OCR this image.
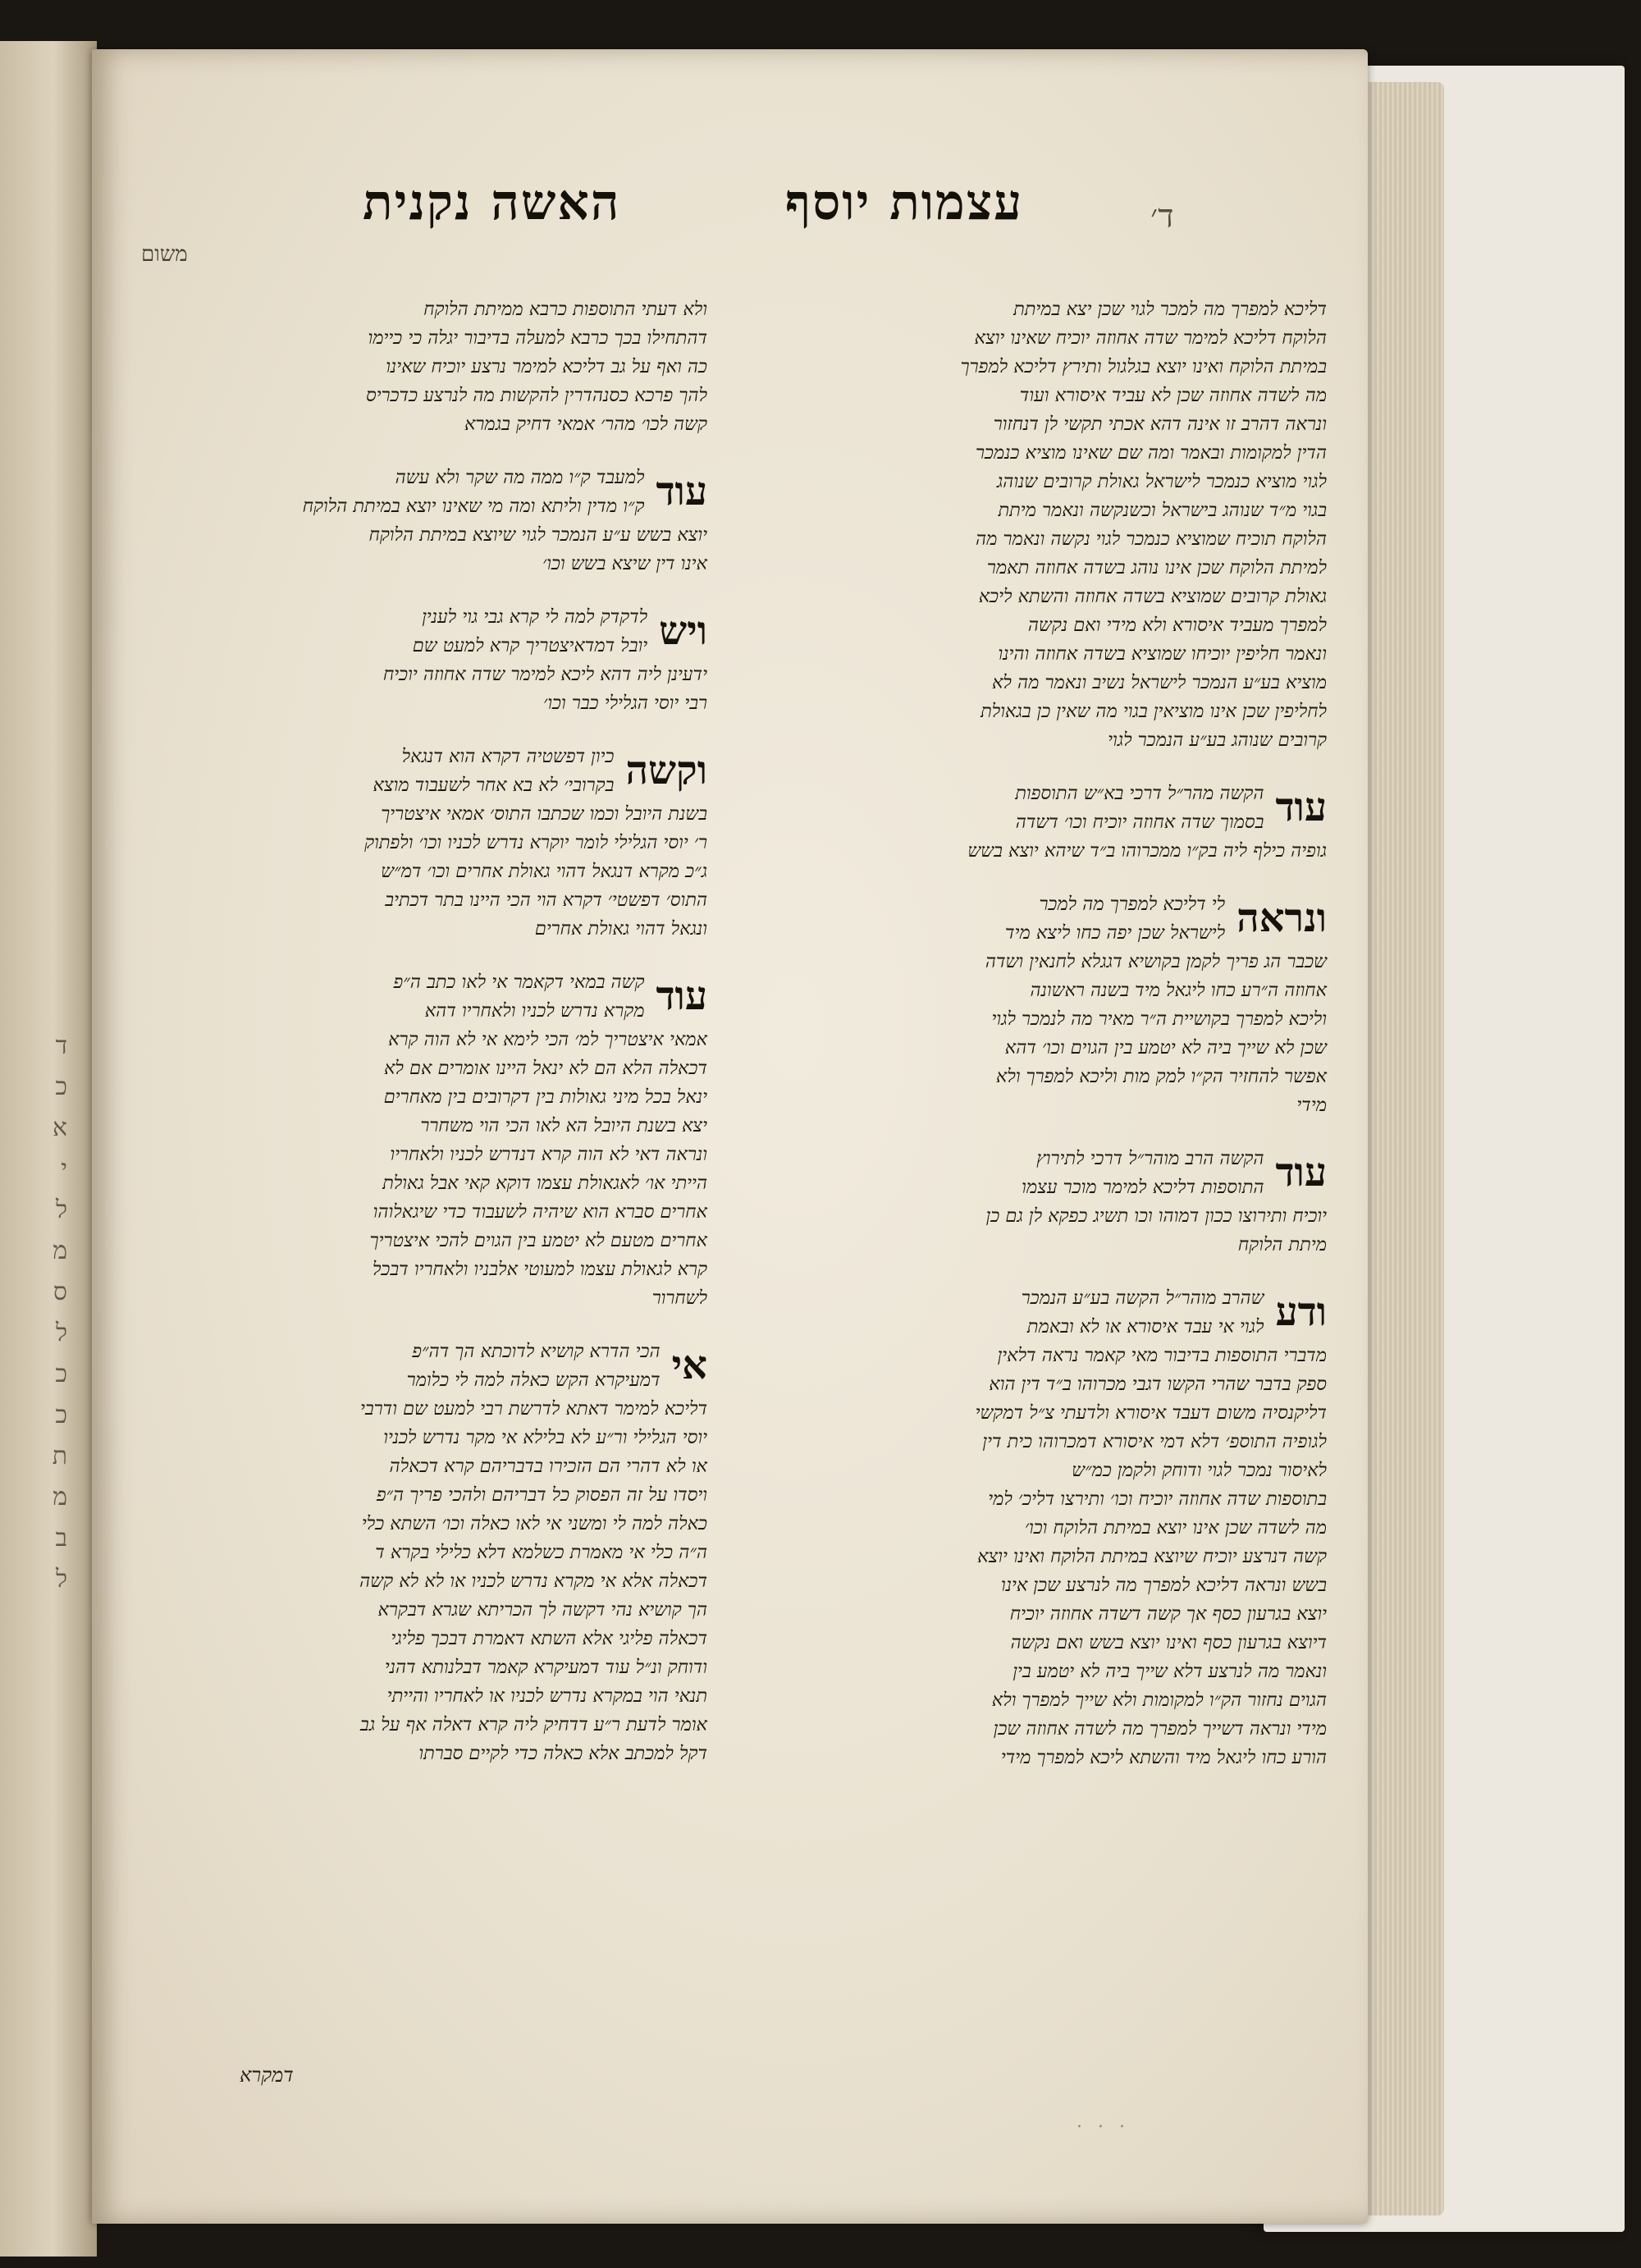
ד
כ
א
י
ל
מ
ס
ל
כ
כ
ת
מ
ב
ל
האשה נקנית	עצמות יוסף	ד׳
משום

דליכא למפרך מה למכר לגוי שכן יצא במיתת

הלוקח דליכא למימר שדה אחוזה יוכיח שאינו יוצא

במיתת הלוקח ואינו יוצא בגלגול ותירץ דליכא למפרך

מה לשדה אחוזה שכן לא עביד איסורא ועוד

ונראה דהרב זו אינה דהא אכתי תקשי לן דנחזור

הדין למקומות ובאמר ומה שם שאינו מוציא כנמכר

לגוי מוציא כנמכר לישראל גאולת קרובים שנוהג

בגוי מ״ד שנוהג בישראל וכשנקשה ונאמר מיתת

הלוקח תוכיח שמוציא כנמכר לגוי נקשה ונאמר מה

למיתת הלוקח שכן אינו נוהג בשדה אחוזה תאמר

גאולת קרובים שמוציא בשדה אחוזה והשתא ליכא

למפרך מעביד איסורא ולא מידי ואם נקשה

ונאמר חליפין יוכיחו שמוציא בשדה אחוזה והינו

מוציא בע״ע הנמכר לישראל נשיב ונאמר מה לא

לחליפין שכן אינו מוציאין בגוי מה שאין כן בגאולת

קרובים שנוהג בע״ע הנמכר לגוי

עוד

הקשה מהר״ל דרכי בא״ש התוספות

בסמוך שדה אחוזה יוכיח וכו׳ דשדה

גופיה כילף ליה בק״ו ממכרוהו ב״ד שיהא יוצא בשש

ונראה

לי דליכא למפרך מה למכר

לישראל שכן יפה כחו ליצא מיד

שכבר הג פריך לקמן בקושיא דגגלא לחנאין ושדה

אחוזה ה״רע כחו ליגאל מיד בשנה ראשונה

וליכא למפרך בקושיית ה״ר מאיר מה לנמכר לגוי

שכן לא שייך ביה לא יטמע בין הגוים וכו׳ דהא

אפשר להחזיר הק״ו למק מות וליכא למפרך ולא

מידי

עוד

הקשה הרב מוהר״ל דרכי לתירוץ

התוספות דליכא למימר מוכר עצמו

יוכיח ותירוצו ככון דמוהו וכו תשיג כפקא לן גם כן

מיתת הלוקח

ודע

שהרב מוהר״ל הקשה בע״ע הנמכר

לגוי אי עבד איסורא או לא ובאמת

מדברי התוספות בדיבור מאי קאמר נראה דלאין

ספק בדבר שהרי הקשו דגבי מכרוהו ב״ד דין הוא

דליקנסיה משום דעבד איסורא ולדעתי צ״ל דמקשי

לגופיה התוספ׳ דלא דמי איסורא דמכרוהו כית דין

לאיסור נמכר לגוי ודוחק ולקמן כמ״ש

בתוספות שדה אחוזה יוכיח וכו׳ ותירצו דליכ׳ למי

מה לשדה שכן אינו יוצא במיתת הלוקח וכו׳

קשה דנרצע יוכיח שיוצא במיתת הלוקח ואינו יוצא

בשש ונראה דליכא למפרך מה לנרצע שכן אינו

יוצא בגרעון כסף אך קשה דשדה אחוזה יוכיח

דיוצא בגרעון כסף ואינו יוצא בשש ואם נקשה

ונאמר מה לנרצע דלא שייך ביה לא יטמע בין

הגוים נחזור הק״ו למקומות ולא שייך למפרך ולא

מידי ונראה דשייך למפרך מה לשדה אחוזה שכן

הורע כחו ליגאל מיד והשתא ליכא למפרך מידי

ולא דעתי התוספות כרבא ממיתת הלוקח

דהתחילו בכך כרבא למעלה בדיבור יגלה כי כיימו

כה ואף על גב דליכא למימר נרצע יוכיח שאינו

להך פרכא כסנהדרין להקשות מה לנרצע כדכריס

קשה לכו׳ מהר׳ אמאי דחיק בגמרא

עוד

למעבד ק״ו ממה מה שקר ולא עשה

ק״ו מדין וליתא ומה מי שאינו יוצא במיתת הלוקח

יוצא בשש ע״ע הנמכר לגוי שיוצא במיתת הלוקח

אינו דין שיצא בשש וכו׳

ויש

לדקדק למה לי קרא גבי גוי לענין

יובל דמדאיצטריך קרא למעט שם

ידעינן ליה דהא ליכא למימר שדה אחוזה יוכיח

רבי יוסי הגלילי כבר וכו׳

וקשה

כיון דפשטיה דקרא הוא דנגאל

בקרובי׳ לא בא אחר לשעבוד מוצא

בשנת היובל וכמו שכתבו התוס׳ אמאי איצטריך

ר׳ יוסי הגלילי לומר יוקרא נדרש לכניו וכו׳ ולפתוק

ג״כ מקרא דנגאל דהוי גאולת אחרים וכו׳ דמ״ש

התוס׳ דפשטי׳ דקרא הוי הכי היינו בתר דכתיב

ונגאל דהוי גאולת אחרים

עוד

קשה במאי דקאמר אי לאו כתב ה״פ

מקרא נדרש לכניו ולאחריו דהא

אמאי איצטריך למ׳ הכי לימא אי לא הוה קרא

דכאלה הלא הם לא ינאל היינו אומרים אם לא

ינאל בכל מיני גאולות בין דקרובים בין מאחרים

יצא בשנת היובל הא לאו הכי הוי משחרר

ונראה דאי לא הוה קרא דנדרש לכניו ולאחריו

הייתי או׳ לאגאולת עצמו דוקא קאי אבל גאולת

אחרים סברא הוא שיהיה לשעבוד כדי שיגאלוהו

אחרים מטעם לא יטמע בין הגוים להכי איצטריך

קרא לגאולת עצמו למעוטי אלבניו ולאחריו דבכל

לשחרור

אי

הכי הדרא קושיא לדוכתא הך דה״פ

דמעיקרא הקש כאלה למה לי כלומר

דליכא למימר דאתא לדרשת רבי למעט שם ודרבי

יוסי הגלילי ור״ע לא בלילא אי מקר נדרש לכניו

או לא דהרי הם הזכירו בדבריהם קרא דכאלה

ויסדו על זה הפסוק כל דבריהם ולהכי פריך ה״פ

כאלה למה לי ומשני אי לאו כאלה וכו׳ השתא כלי

ה״ה כלי אי מאמרת כשלמא דלא כלילי בקרא ד

דכאלה אלא אי מקרא נדרש לכניו או לא לא קשה

הך קושיא נהי דקשה לך הכריתא שגרא דבקרא

דכאלה פליגי אלא השתא דאמרת דבכך פליגי

ודוחק ונ״ל עוד דמעיקרא קאמר דבלנותא דהני

תנאי הוי במקרא נדרש לכניו או לאחריו והייתי

אומר לדעת ר״ע דדחיק ליה קרא דאלה אף על גב

דקל למכתב אלא כאלה כדי לקיים סברתו

דמקרא
· · ·
